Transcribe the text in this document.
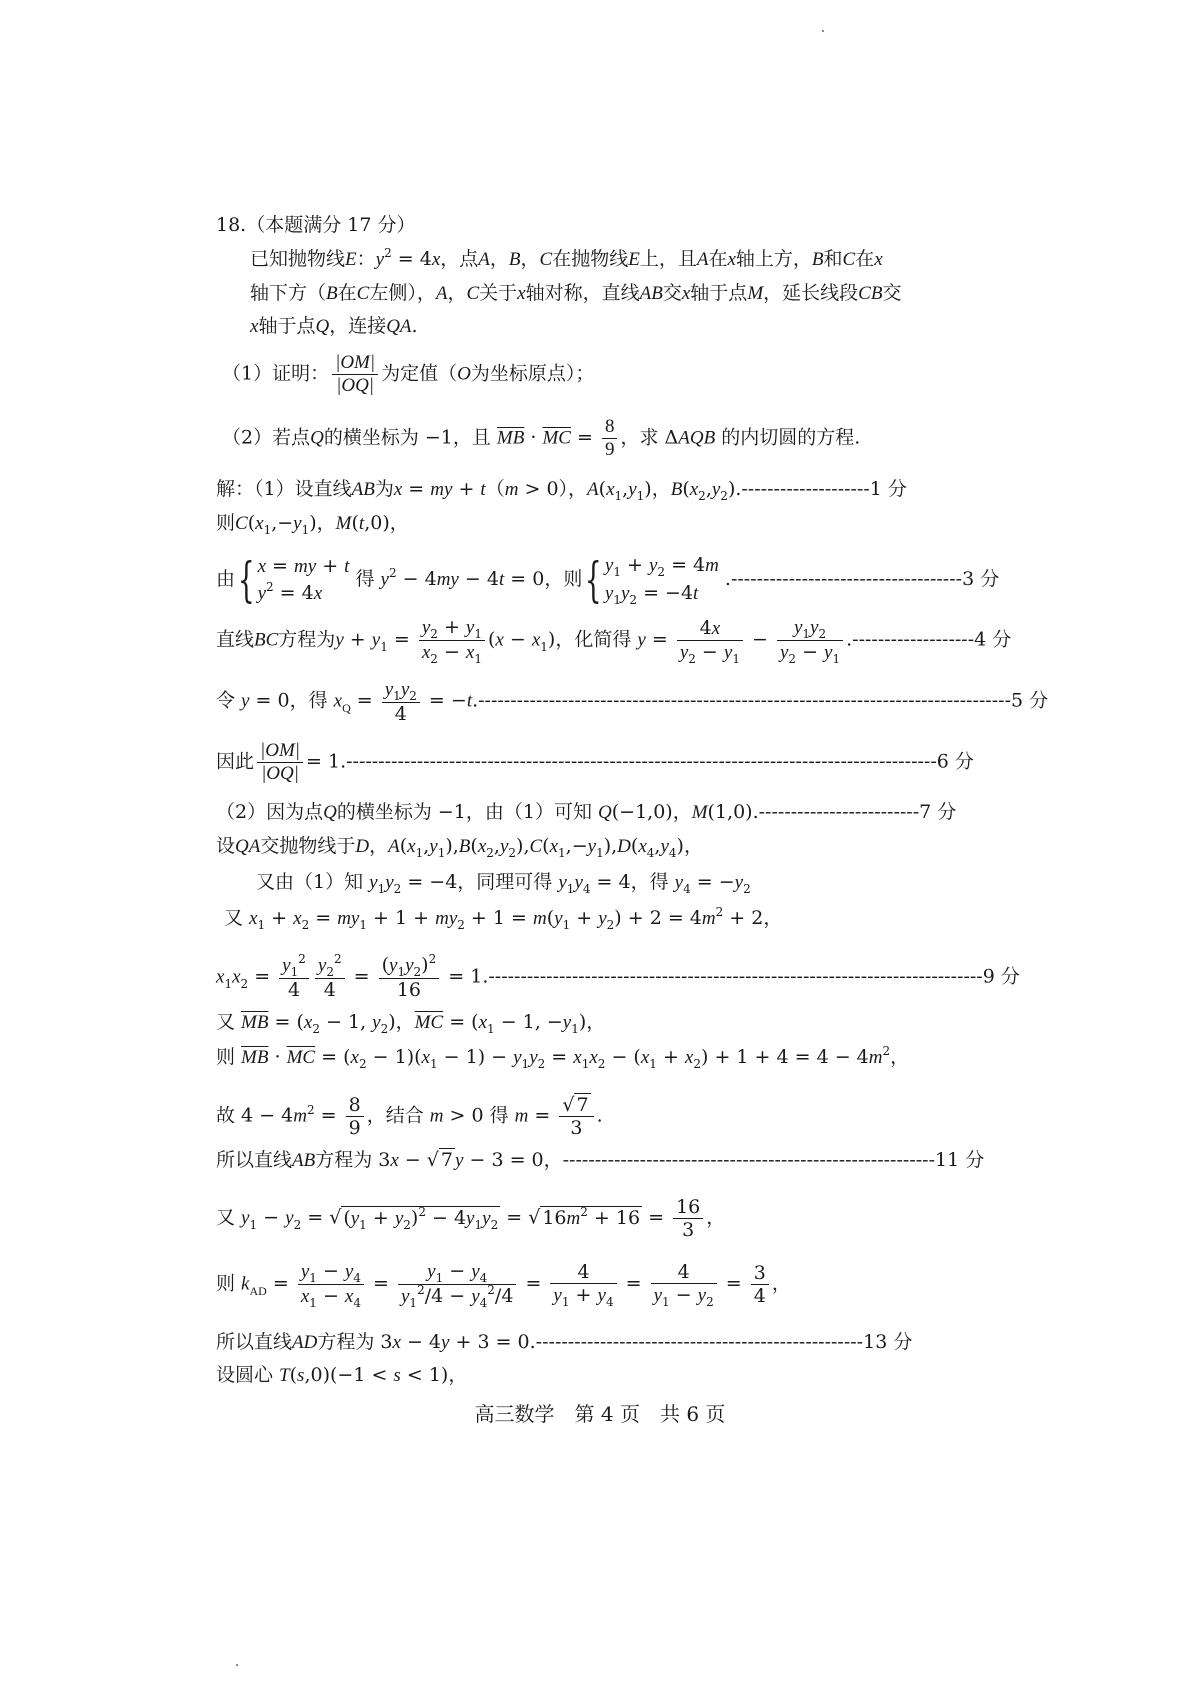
18.（本题满分 17 分）
已知抛物线E：$y^2 = 4x$，点A，B，C在抛物线E上，且A在x轴上方，B和C在x
轴下方（B在C左侧），A，C关于x轴对称，直线AB交x轴于点M，延长线段CB交
x轴于点Q，连接QA.
（1）证明： $\frac{|OM|}{|OQ|}$ 为定值（O为坐标原点）；
（2）若点Q的横坐标为 −1，且 $\overline{MB} \cdot \overline{MC} = \frac{8}{9}$ ，求 ΔAQB 的内切圆的方程.
解：（1）设直线AB为x = my + t（m > 0），$A(x_1,y_1)$，$B(x_2,y_2).--------------------1$ 分
则$C(x_1,-y_1)$，M(t,0)，
由{ x = my + t
$y^2 = 4x$
得 $y^2 - 4my - 4t = 0$，则{ $y_1 + y_2 = 4m$
$y_1y_2 = -4t$
.------------------------------------3 分
直线BC方程为$y + y_1 = \frac{y_2 + y_1}{x_2 - x_1} (x - x_1)$，化简得 $y = \frac{4x}{y_2 - y_1} - \frac{y_1y_2}{y_2 - y_1} .-------------------4$ 分
令 y = 0，得 $x_Q = \frac{y_1y_2}{4} = -t.-----------------------------------------------------------------------------------5$ 分
因此 $\frac{|OM|}{|OQ|} = 1.--------------------------------------------------------------------------------------------6$ 分
（2）因为点Q的横坐标为 −1，由（1）可知 Q(−1,0)，M(1,0).-------------------------7 分
设QA交抛物线于D，$A(x_1,y_1),B(x_2,y_2),C(x_1,-y_1),D(x_4,y_4)$，
又由（1）知 $y_1y_2 = -4$，同理可得 $y_1y_4 = 4$，得 $y_4 = -y_2$
又 $x_1 + x_2 = my_1 + 1 + my_2 + 1 = m(y_1 + y_2) + 2 = 4m^2 + 2$，
$x_1x_2 = \frac{y_1^2}{4} \frac{y_2^2}{4} = \frac{(y_1y_2)^2}{16} = 1.-----------------------------------------------------------------------------9$ 分
又 $\overline{MB} = (x_2 - 1$, $y_2$)，$\overline{MC} = (x_1 - 1$, $-y_1$)，
则 $\overline{MB} \cdot \overline{MC} = (x_2 - 1)(x_1 - 1) - y_1y_2 = x_1x_2 - (x_1 + x_2) + 1 + 4 = 4 - 4m^2$，
故 $4 - 4m^2 = \frac{8}{9}$ ，结合 m > 0 得 $m = \frac{√ 7}{3}$ .
所以直线AB方程为 3x − √ 7 y − 3 = 0，----------------------------------------------------------11 分
又 $y_1 - y_2$ = √ $(y_1 + y_2)^2 - 4y_1y_2$ = √ $16m^2 + 16 = \frac{16}{3}$ ，
则 $k_{AD} = \frac{y_1 - y_4}{x_1 - x_4} = \frac{y_1 - y_4}{y_1^2/4 - y_4^2/4} = \frac{4}{y_1 + y_4} = \frac{4}{y_1 - y_2} = \frac{3}{4}$ ，
所以直线AD方程为 3x − 4y + 3 = 0.---------------------------------------------------13 分
设圆心 T(s,0)(−1 < s < 1)，
高三数学　第 4 页　共 6 页
